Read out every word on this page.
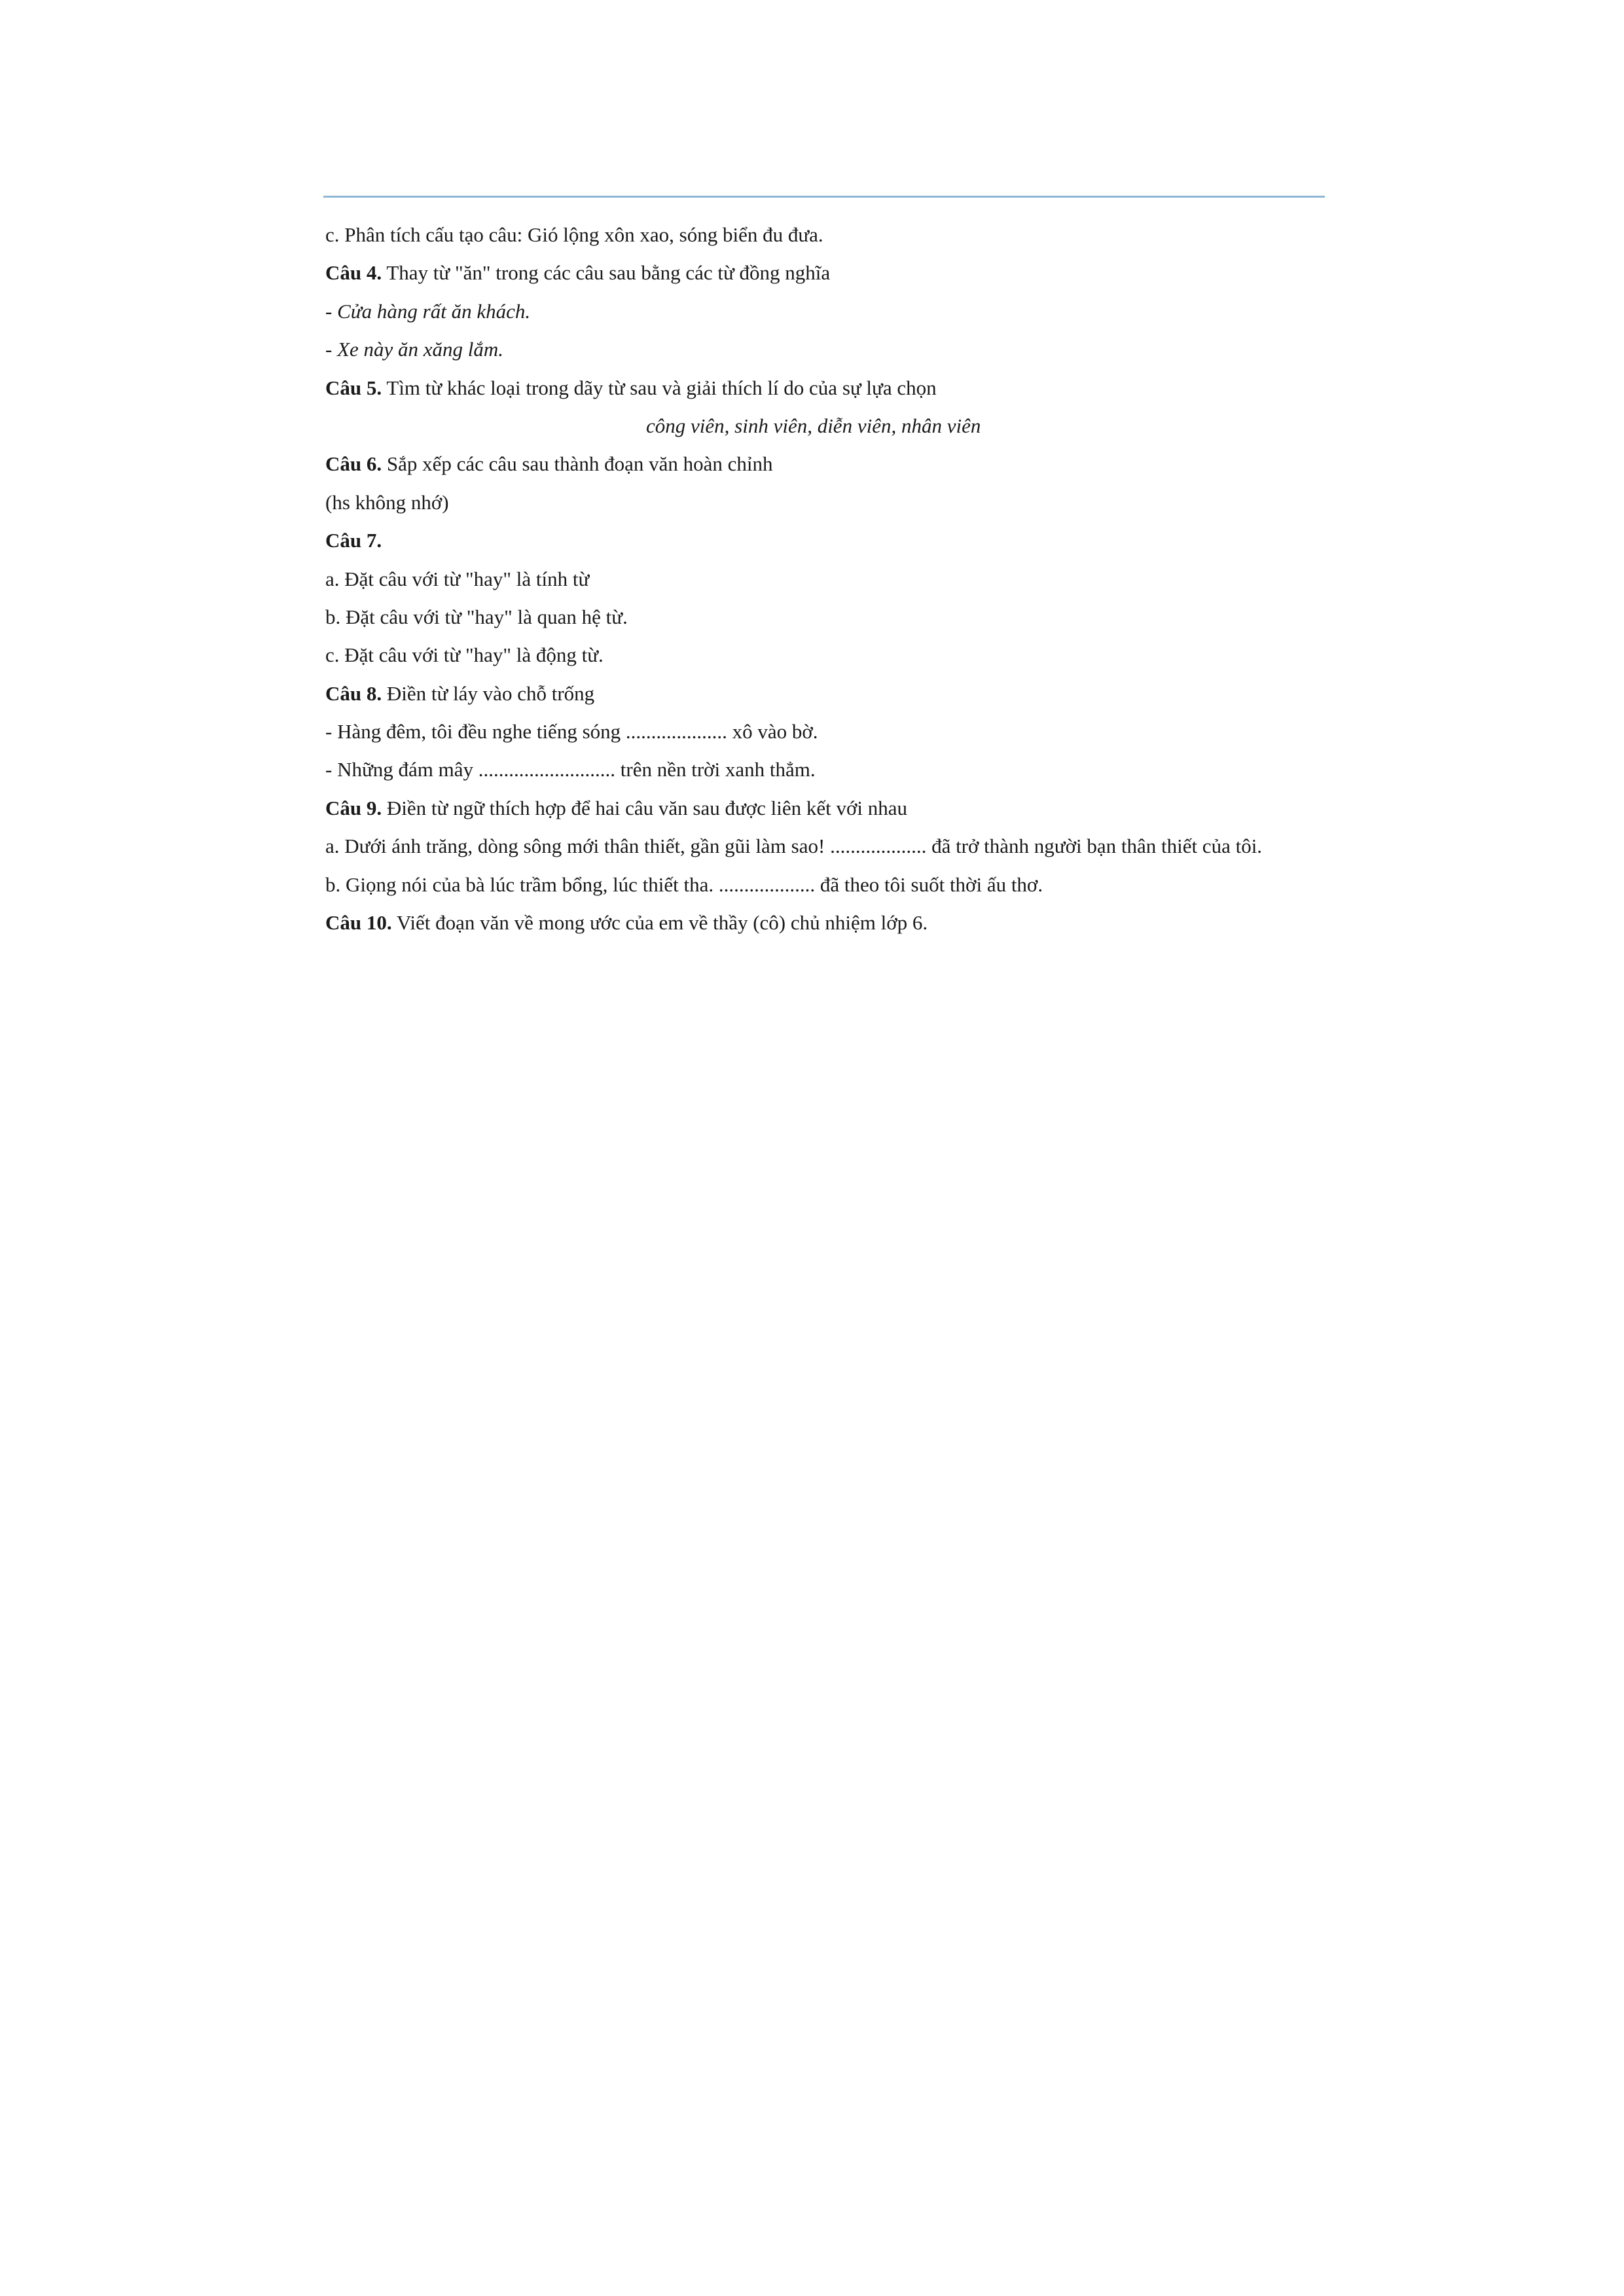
c. Phân tích cấu tạo câu: Gió lộng xôn xao, sóng biển đu đưa.
Câu 4. Thay từ "ăn" trong các câu sau bằng các từ đồng nghĩa
- Cửa hàng rất ăn khách.
- Xe này ăn xăng lắm.
Câu 5. Tìm từ khác loại trong dãy từ sau và giải thích lí do của sự lựa chọn
công viên, sinh viên, diễn viên, nhân viên
Câu 6. Sắp xếp các câu sau thành đoạn văn hoàn chỉnh
(hs không nhớ)
Câu 7.
a. Đặt câu với từ "hay" là tính từ
b. Đặt câu với từ "hay" là quan hệ từ.
c. Đặt câu với từ "hay" là động từ.
Câu 8. Điền từ láy vào chỗ trống
- Hàng đêm, tôi đều nghe tiếng sóng .................... xô vào bờ.
- Những đám mây ........................... trên nền trời xanh thẳm.
Câu 9. Điền từ ngữ thích hợp để hai câu văn sau được liên kết với nhau
a. Dưới ánh trăng, dòng sông mới thân thiết, gần gũi làm sao! ................... đã trở thành người bạn thân thiết của tôi.
b. Giọng nói của bà lúc trầm bổng, lúc thiết tha. ................... đã theo tôi suốt thời ấu thơ.
Câu 10. Viết đoạn văn về mong ước của em về thầy (cô) chủ nhiệm lớp 6.
